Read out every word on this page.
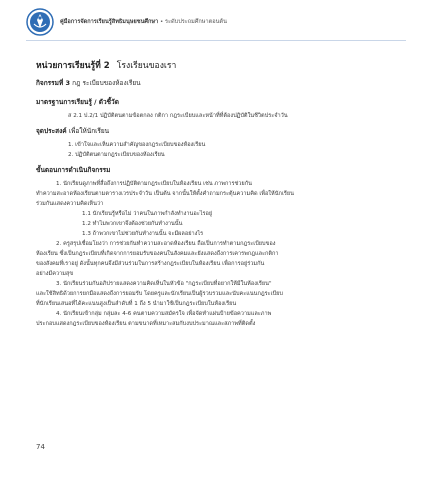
คู่มือการจัดการเรียนรู้สิทธิมนุษยชนศึกษา • ระดับประถมศึกษาตอนต้น
หน่วยการเรียนรู้ที่ 2 โรงเรียนของเรา
กิจกรรมที่ 3 กฎ ระเบียบของห้องเรียน
มาตรฐานการเรียนรู้ / ตัวชี้วัด
ส 2.1 ป.2/1 ปฏิบัติตนตามข้อตกลง กติกา กฎระเบียบและหน้าที่ที่ต้องปฏิบัติในชีวิตประจำวัน
จุดประสงค์ เพื่อให้นักเรียน
1. เข้าใจและเห็นความสำคัญของกฎระเบียบของห้องเรียน
2. ปฏิบัติตนตามกฎระเบียบของห้องเรียน
ขั้นตอนการดำเนินกิจกรรม
1. นักเรียนดูภาพที่สื่อถึงการปฏิบัติตามกฎระเบียบในห้องเรียน เช่น ภาพการช่วยกัน
ทำความสะอาดห้องเรียนตามตารางเวรประจำวัน เป็นต้น จากนั้นให้ตั้งคำถามกระตุ้นความคิด เพื่อให้นักเรียน
ร่วมกันแสดงความคิดเห็นว่า
1.1 นักเรียนรู้หรือไม่ ว่าคนในภาพกำลังทำงานอะไรอยู่
1.2 ทำไมพวกเขาจึงต้องช่วยกันทำงานนั้น
1.3 ถ้าพวกเขาไม่ช่วยกันทำงานนั้น จะมีผลอย่างไร
2. ครูสรุปเชื่อมโยงว่า การช่วยกันทำความสะอาดห้องเรียน ถือเป็นการทำตามกฎระเบียบของ
ห้องเรียน ซึ่งเป็นกฎระเบียบที่เกิดจากการยอมรับของคนในสังคมและยังแสดงถึงการเคารพกฎและกติกา
ของสังคมที่เราอยู่ ดังนั้นทุกคนจึงมีส่วนร่วมในการสร้างกฎระเบียบในห้องเรียน เพื่อการอยู่ร่วมกัน
อย่างมีความสุข
3. นักเรียนร่วมกันอภิปรายแสดงความคิดเห็นในหัวข้อ "กฎระเบียบที่อยากให้มีในห้องเรียน"
และใช้สิทธิด้วยการยกมือแสดงถึงการยอมรับ โดยครูและนักเรียนเป็นผู้รวบรวมและนับคะแนนกฎระเบียบ
ที่นักเรียนเสนอที่ได้คะแนนสูงเป็นลำดับที่ 1 ถึง 5 นำมาใช้เป็นกฎระเบียบในห้องเรียน
4. นักเรียนเข้ากลุ่ม กลุ่มละ 4-6 คนตามความสมัครใจ เพื่อจัดทำแผ่นป้ายข้อความและภาพ
ประกอบแสดงกฎระเบียบของห้องเรียน ตามขนาดที่เหมาะสมกับงบประมาณและสภาพที่ติดตั้ง
74
